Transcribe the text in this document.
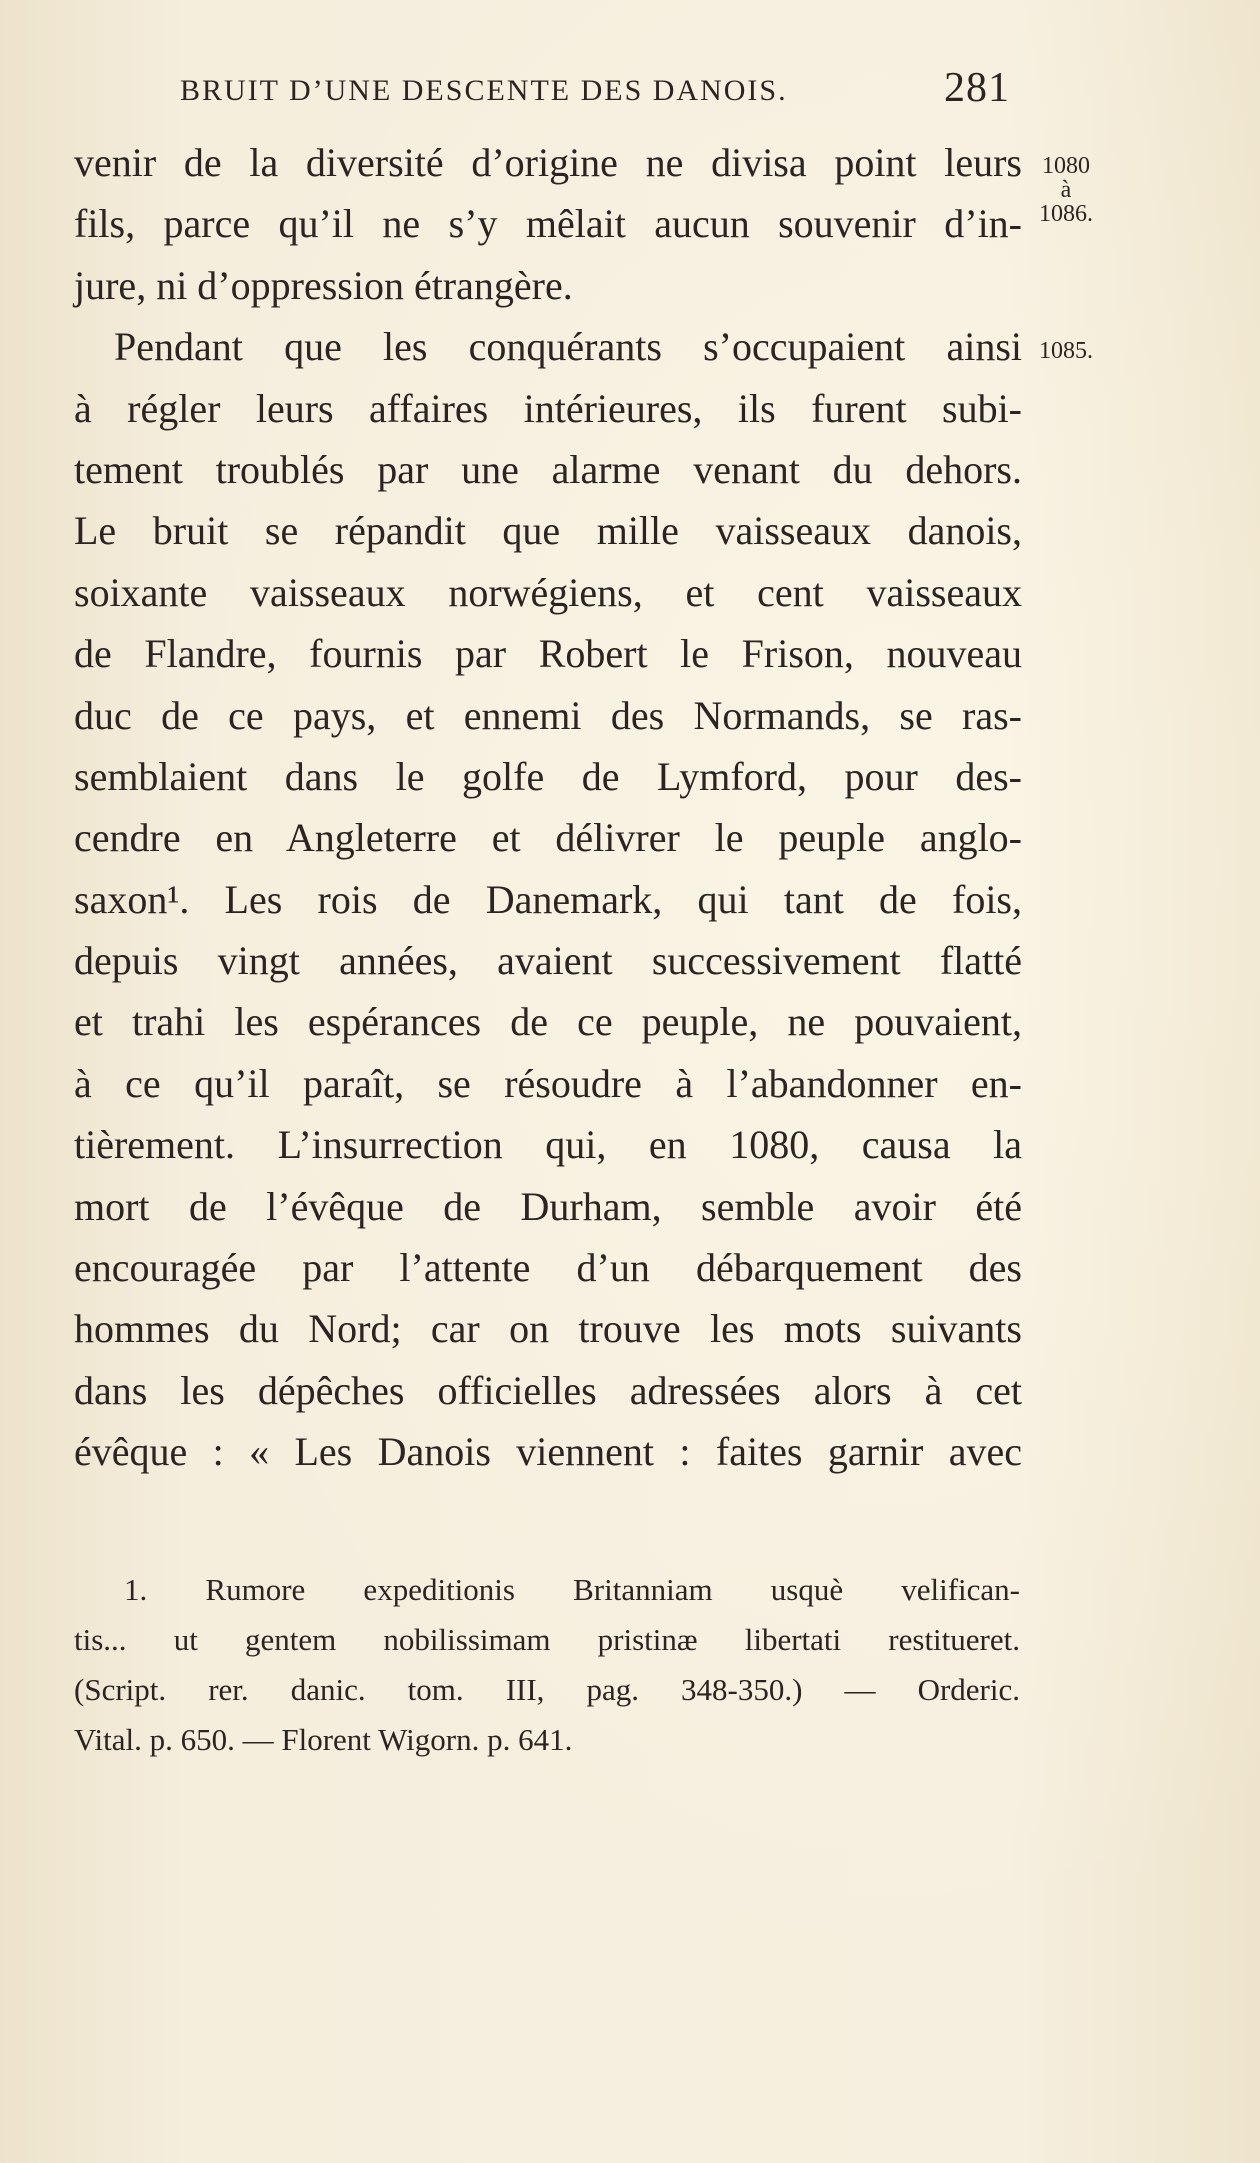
BRUIT D’UNE DESCENTE DES DANOIS.	281
1080
à
1086.
1085.
venir de la diversité d’origine ne divisa point leurs
fils, parce qu’il ne s’y mêlait aucun souvenir d’in-
jure, ni d’oppression étrangère.
Pendant que les conquérants s’occupaient ainsi
à régler leurs affaires intérieures, ils furent subi-
tement troublés par une alarme venant du dehors.
Le bruit se répandit que mille vaisseaux danois,
soixante vaisseaux norwégiens, et cent vaisseaux
de Flandre, fournis par Robert le Frison, nouveau
duc de ce pays, et ennemi des Normands, se ras-
semblaient dans le golfe de Lymford, pour des-
cendre en Angleterre et délivrer le peuple anglo-
saxon¹. Les rois de Danemark, qui tant de fois,
depuis vingt années, avaient successivement flatté
et trahi les espérances de ce peuple, ne pouvaient,
à ce qu’il paraît, se résoudre à l’abandonner en-
tièrement. L’insurrection qui, en 1080, causa la
mort de l’évêque de Durham, semble avoir été
encouragée par l’attente d’un débarquement des
hommes du Nord; car on trouve les mots suivants
dans les dépêches officielles adressées alors à cet
évêque : « Les Danois viennent : faites garnir avec
1. Rumore expeditionis Britanniam usquè velifican-
tis... ut gentem nobilissimam pristinæ libertati restitueret.
(Script. rer. danic. tom. III, pag. 348-350.) — Orderic.
Vital. p. 650. — Florent Wigorn. p. 641.
